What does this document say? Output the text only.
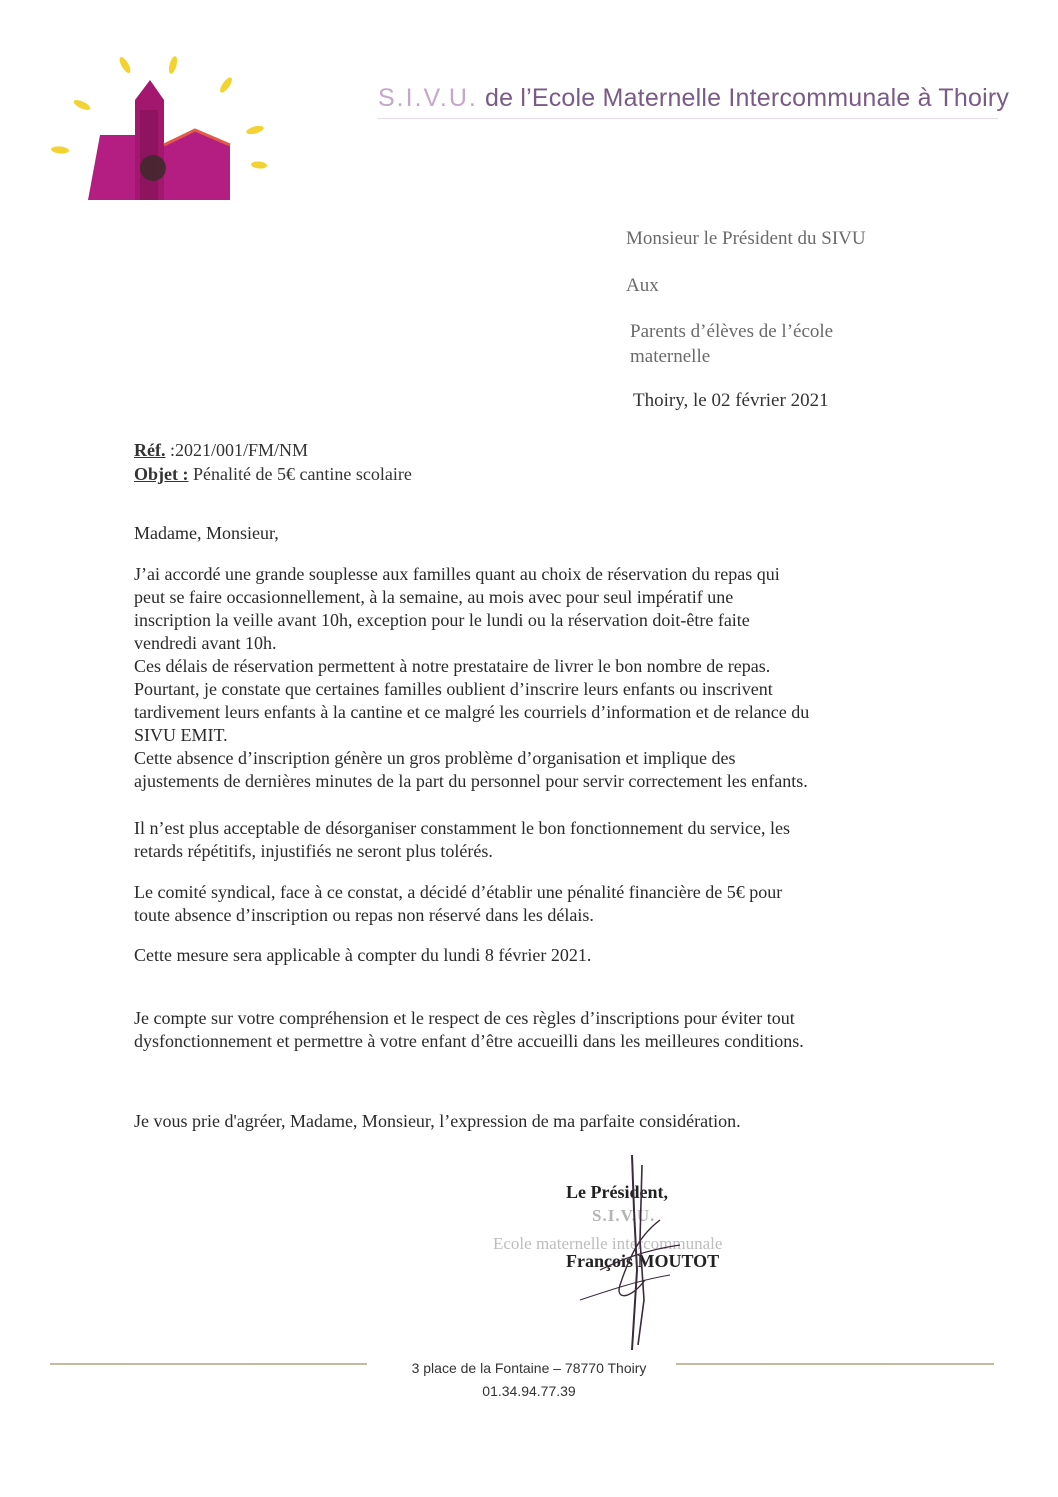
S.I.V.U. de l’Ecole Maternelle Intercommunale à Thoiry
Monsieur le Président du SIVU
Aux
Parents d’élèves de l’école maternelle
Thoiry, le 02 février 2021
Réf. :2021/001/FM/NM
Objet : Pénalité de 5€ cantine scolaire
Madame, Monsieur,
J’ai accordé une grande souplesse aux familles quant au choix de réservation du repas qui
peut se faire occasionnellement, à la semaine, au mois avec pour seul impératif une
inscription la veille avant 10h, exception pour le lundi ou la réservation doit-être faite
vendredi avant 10h.
Ces délais de réservation permettent à notre prestataire de livrer le bon nombre de repas.
Pourtant, je constate que certaines familles oublient d’inscrire leurs enfants ou inscrivent
tardivement leurs enfants à la cantine et ce malgré les courriels d’information et de relance du
SIVU EMIT.
Cette absence d’inscription génère un gros problème d’organisation et implique des
ajustements de dernières minutes de la part du personnel pour servir correctement les enfants.
Il n’est plus acceptable de désorganiser constamment le bon fonctionnement du service, les
retards répétitifs, injustifiés ne seront plus tolérés.
Le comité syndical, face à ce constat, a décidé d’établir une pénalité financière de 5€ pour
toute absence d’inscription ou repas non réservé dans les délais.
Cette mesure sera applicable à compter du lundi 8 février 2021.
Je compte sur votre compréhension et le respect de ces règles d’inscriptions pour éviter tout
dysfonctionnement et permettre à votre enfant d’être accueilli dans les meilleures conditions.
Je vous prie d'agréer, Madame, Monsieur, l’expression de ma parfaite considération.
S.I.V.U.
Ecole maternelle intercommunale
Le Président,
François MOUTOT
3 place de la Fontaine – 78770 Thoiry
01.34.94.77.39
